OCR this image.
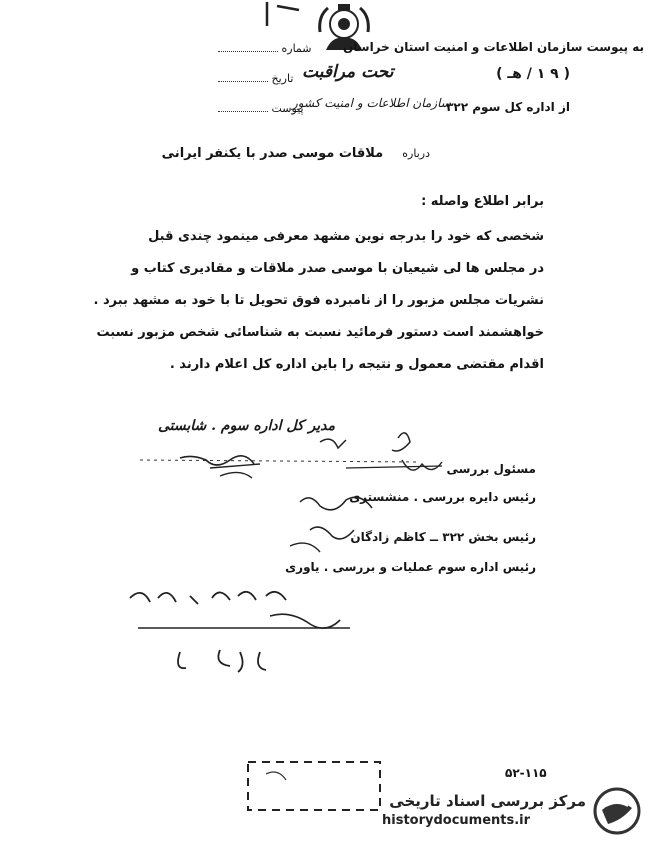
به پیوست سازمان اطلاعات و امنیت استان خراسان
شماره
( ۹ ۱ / هـ )
تحت مراقبت
تاریخ
از اداره کل سوم ۳۲۲
سازمان اطلاعات و امنیت کشور
پیوست
درباره  ملاقات موسی صدر با یکنفر ایرانی
برابر اطلاع واصله :
شخصی که خود را بدرجه نوین مشهد معرفی مینمود چندی قبل
در مجلس ها لی شیعیان با موسی صدر ملاقات و مقادیری کتاب و
نشریات مجلس مزبور را از نامبرده فوق تحویل تا با خود به مشهد ببرد .
خواهشمند است دستور فرمائید نسبت به شناسائی شخص مزبور نسبت
اقدام مقتضی معمول و نتیجه را باین اداره کل اعلام دارند .
مدیر کل اداره سوم . شابستی
مسئول بررسی
رئیس دایره بررسی . منشستری
رئیس بخش ۳۲۲ ــ کاظم زادگان
رئیس اداره سوم عملیات و بررسی . یاوری
۵۲-۱۱۵
مرکز بررسی اسناد تاریخی
historydocuments.ir
